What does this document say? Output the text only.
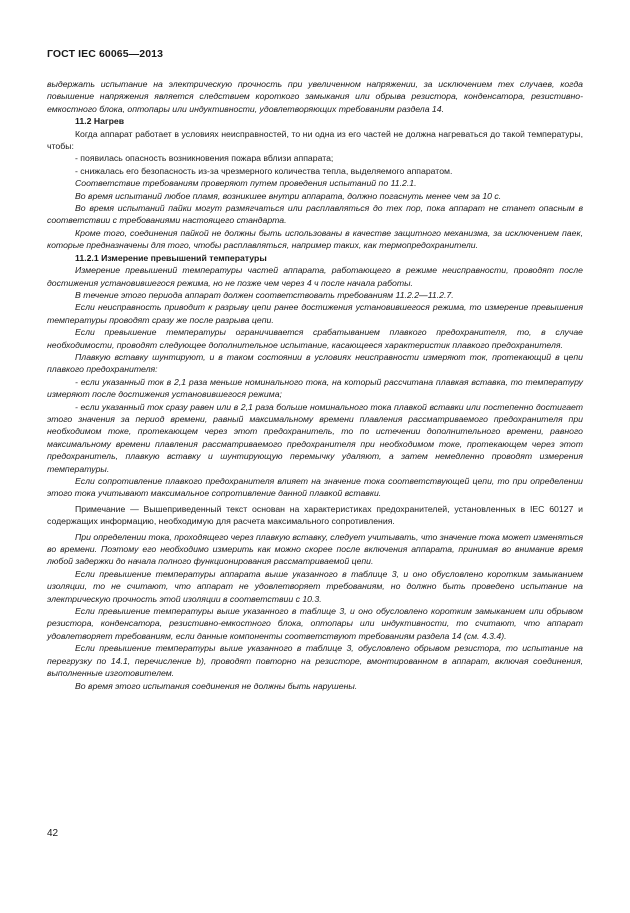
ГОСТ IEC 60065—2013

выдержать испытание на электрическую прочность при увеличенном напряжении, за исключением тех случаев, когда повышение напряжения является следствием короткого замыкания или обрыва резистора, конденсатора, резистивно-емкостного блока, оптопары или индуктивности, удовлетворяющих требованиям раздела 14.

11.2 Нагрев

Когда аппарат работает в условиях неисправностей, то ни одна из его частей не должна нагреваться до такой температуры, чтобы:

- появилась опасность возникновения пожара вблизи аппарата;

- снижалась его безопасность из-за чрезмерного количества тепла, выделяемого аппаратом.

Соответствие требованиям проверяют путем проведения испытаний по 11.2.1.

Во время испытаний любое пламя, возникшее внутри аппарата, должно погаснуть менее чем за 10 с.

Во время испытаний пайки могут размягчаться или расплавляться до тех пор, пока аппарат не станет опасным в соответствии с требованиями настоящего стандарта.

Кроме того, соединения пайкой не должны быть использованы в качестве защитного механизма, за исключением паек, которые предназначены для того, чтобы расплавляться, например таких, как термопредохранители.

11.2.1 Измерение превышений температуры

Измерение превышений температуры частей аппарата, работающего в режиме неисправности, проводят после достижения установившегося режима, но не позже чем через 4 ч после начала работы.

В течение этого периода аппарат должен соответствовать требованиям 11.2.2—11.2.7.

Если неисправность приводит к разрыву цепи ранее достижения установившегося режима, то измерение превышения температуры проводят сразу же после разрыва цепи.

Если превышение температуры ограничивается срабатыванием плавкого предохранителя, то, в случае необходимости, проводят следующее дополнительное испытание, касающееся характеристик плавкого предохранителя.

Плавкую вставку шунтируют, и в таком состоянии в условиях неисправности измеряют ток, протекающий в цепи плавкого предохранителя:

- если указанный ток в 2,1 раза меньше номинального тока, на который рассчитана плавкая вставка, то температуру измеряют после достижения установившегося режима;

- если указанный ток сразу равен или в 2,1 раза больше номинального тока плавкой вставки или постепенно достигает этого значения за период времени, равный максимальному времени плавления рассматриваемого предохранителя при необходимом токе, протекающем через этот предохранитель, то по истечении дополнительного времени, равного максимальному времени плавления рассматриваемого предохранителя при необходимом токе, протекающем через этот предохранитель, плавкую вставку и шунтирующую перемычку удаляют, а затем немедленно проводят измерения температуры.

Если сопротивление плавкого предохранителя влияет на значение тока соответствующей цепи, то при определении этого тока учитывают максимальное сопротивление данной плавкой вставки.

Примечание — Вышеприведенный текст основан на характеристиках предохранителей, установленных в IEC 60127 и содержащих информацию, необходимую для расчета максимального сопротивления.

При определении тока, проходящего через плавкую вставку, следует учитывать, что значение тока может изменяться во времени. Поэтому его необходимо измерить как можно скорее после включения аппарата, принимая во внимание время любой задержки до начала полного функционирования рассматриваемой цепи.

Если превышение температуры аппарата выше указанного в таблице 3, и оно обусловлено коротким замыканием изоляции, то не считают, что аппарат не удовлетворяет требованиям, но должно быть проведено испытание на электрическую прочность этой изоляции в соответствии с 10.3.

Если превышение температуры выше указанного в таблице 3, и оно обусловлено коротким замыканием или обрывом резистора, конденсатора, резистивно-емкостного блока, оптопары или индуктивности, то считают, что аппарат удовлетворяет требованиям, если данные компоненты соответствуют требованиям раздела 14 (см. 4.3.4).

Если превышение температуры выше указанного в таблице 3, обусловлено обрывом резистора, то испытание на перегрузку по 14.1, перечисление b), проводят повторно на резисторе, вмонтированном в аппарат, включая соединения, выполненные изготовителем.

Во время этого испытания соединения не должны быть нарушены.

42
